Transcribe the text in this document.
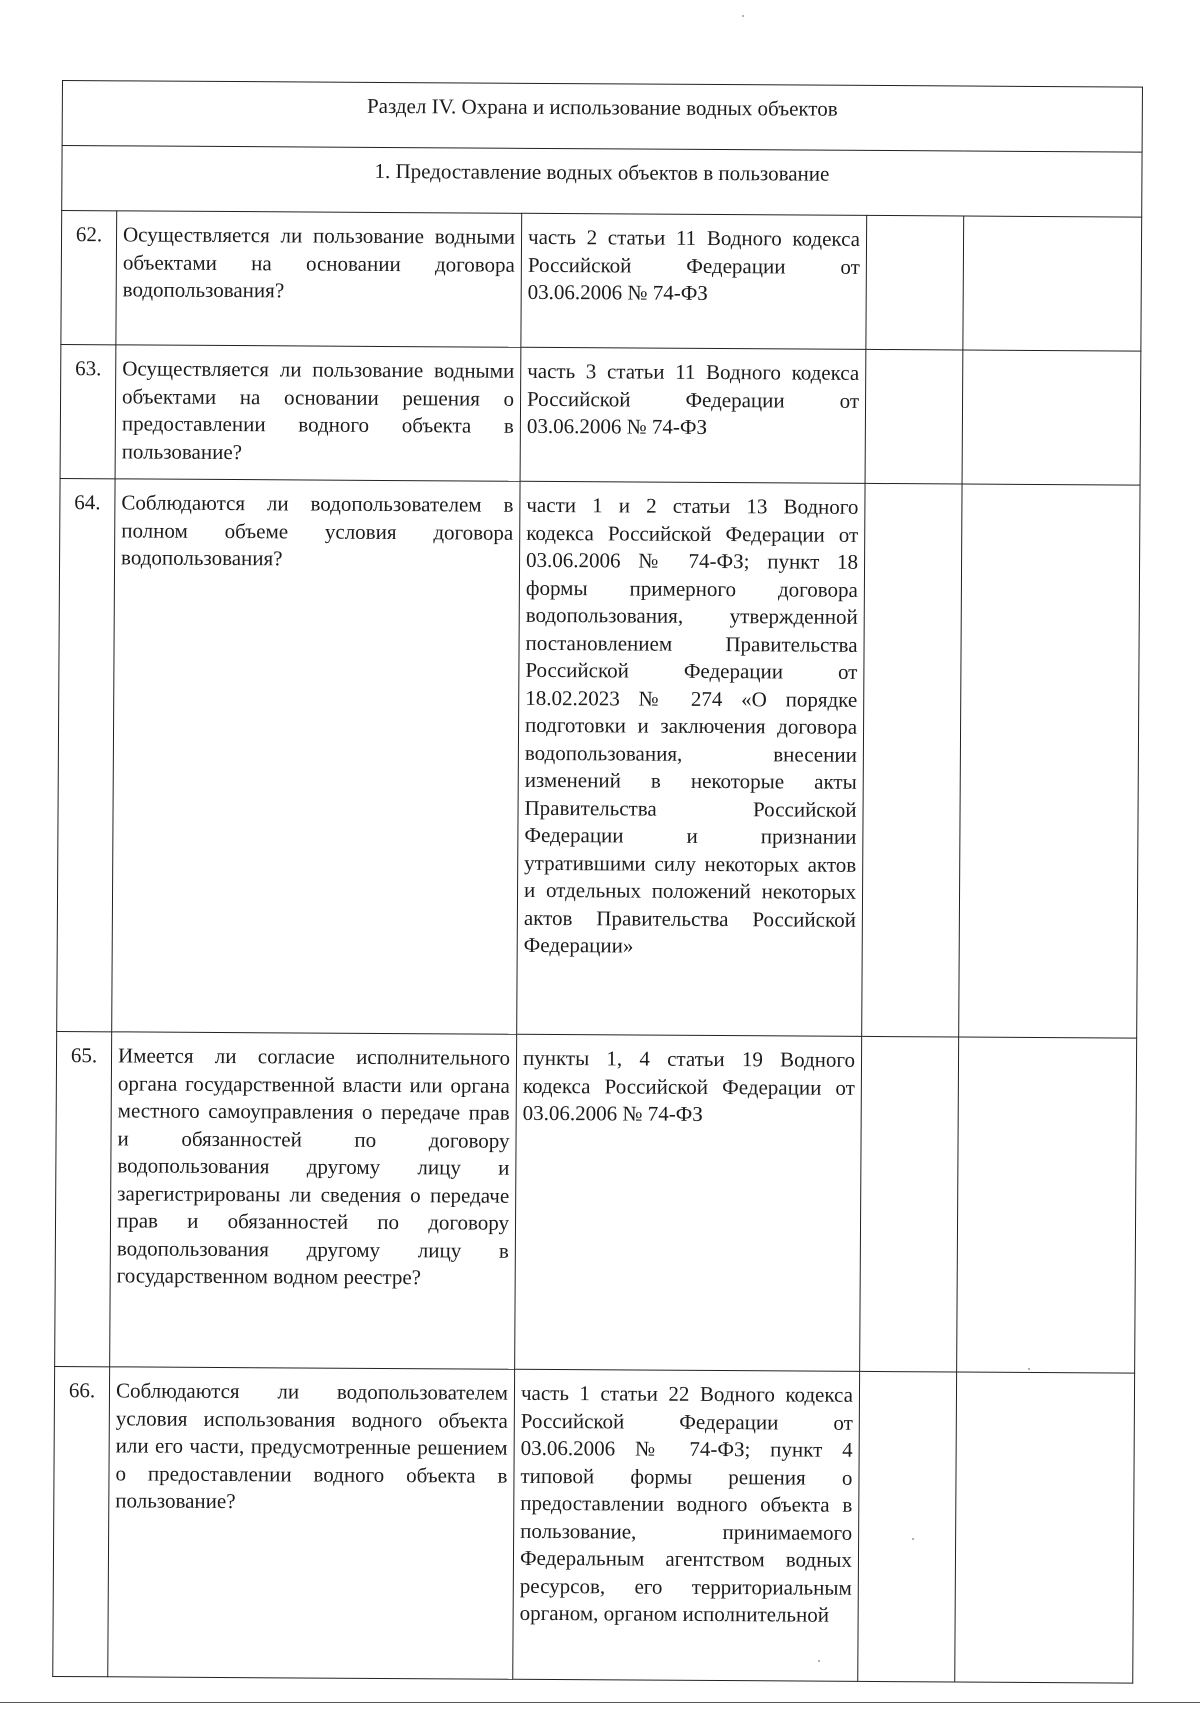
Раздел IV. Охрана и использование водных объектов				
1. Предоставление водных объектов в пользование				
62.	Осуществляется ли пользование водными объектами на основании договора водопользования?	часть 2 статьи 11 Водного кодекса Российской Федерации от 03.06.2006 № 74-ФЗ		
63.	Осуществляется ли пользование водными объектами на основании решения о предоставлении водного объекта в пользование?	часть 3 статьи 11 Водного кодекса Российской Федерации от 03.06.2006 № 74-ФЗ		
64.	Соблюдаются ли водопользователем в полном объеме условия договора водопользования?	части 1 и 2 статьи 13 Водного кодекса Российской Федерации от 03.06.2006 № 74-ФЗ; пункт 18 формы примерного договора водопользования, утвержденной постановлением Правительства Российской Федерации от 18.02.2023 № 274 «О порядке подготовки и заключения договора водопользования, внесении изменений в некоторые акты Правительства Российской Федерации и признании утратившими силу некоторых актов и отдельных положений некоторых актов Правительства Российской Федерации»		
65.	Имеется ли согласие исполнительного органа государственной власти или органа местного самоуправления о передаче прав и обязанностей по договору водопользования другому лицу и зарегистрированы ли сведения о передаче прав и обязанностей по договору водопользования другому лицу в государственном водном реестре?	пункты 1, 4 статьи 19 Водного кодекса Российской Федерации от 03.06.2006 № 74-ФЗ		
66.	Соблюдаются ли водопользователем условия использования водного объекта или его части, предусмотренные решением о предоставлении водного объекта в пользование?	часть 1 статьи 22 Водного кодекса Российской Федерации от 03.06.2006 № 74-ФЗ; пункт 4 типовой формы решения о предоставлении водного объекта в пользование, принимаемого Федеральным агентством водных ресурсов, его территориальным органом, органом исполнительной		
